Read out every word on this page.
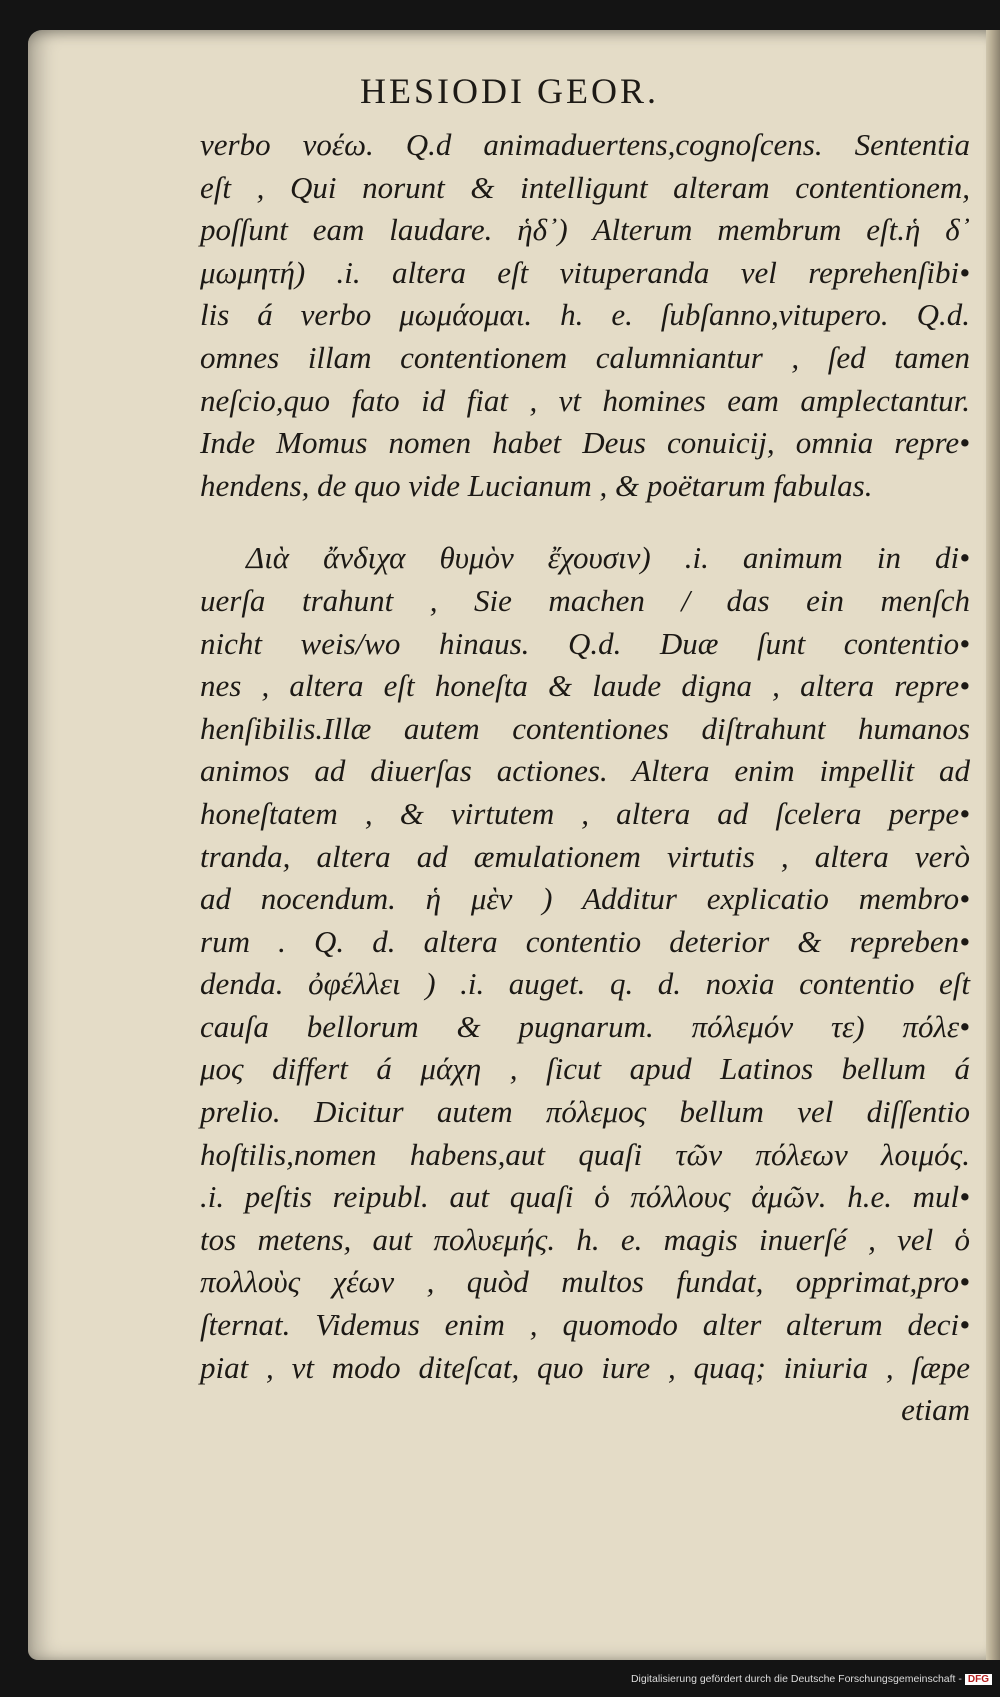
HESIODI GEOR.
verbo νοέω. Q.d animaduertens,cognoſcens. Sententia
eſt , Qui norunt & intelligunt alteram contentionem,
poſſunt eam laudare. ἡδ᾽) Alterum membrum eſt.ἡ δ᾽
μωμητή) .i. altera eſt vituperanda vel reprehenſibi•
lis á verbo μωμάομαι. h. e. ſubſanno,vitupero. Q.d.
omnes illam contentionem calumniantur , ſed tamen
neſcio,quo fato id fiat , vt homines eam amplectantur.
Inde Momus nomen habet Deus conuicij, omnia repre•
hendens, de quo vide Lucianum , & poëtarum fabulas.
Διὰ ἄνδιχα θυμὸν ἔχουσιν) .i. animum in di•
uerſa trahunt , Sie machen / das ein menſch
nicht weis/wo hinaus. Q.d. Duæ ſunt contentio•
nes , altera eſt honeſta & laude digna , altera repre•
henſibilis.Illæ autem contentiones diſtrahunt humanos
animos ad diuerſas actiones. Altera enim impellit ad
honeſtatem , & virtutem , altera ad ſcelera perpe•
tranda, altera ad æmulationem virtutis , altera verò
ad nocendum. ἡ μὲν ) Additur explicatio membro•
rum . Q. d. altera contentio deterior & repreben•
denda. ὀφέλλει ) .i. auget. q. d. noxia contentio eſt
cauſa bellorum & pugnarum. πόλεμόν τε) πόλε•
μος differt á μάχη , ſicut apud Latinos bellum á
prelio. Dicitur autem πόλεμος bellum vel diſſentio
hoſtilis,nomen habens,aut quaſi τῶν πόλεων λοιμός.
.i. peſtis reipubl. aut quaſi ὁ πόλλους ἀμῶν. h.e. mul•
tos metens, aut πολυεμής. h. e. magis inuerſé , vel ὁ
πολλοὺς χέων , quòd multos fundat, opprimat,pro•
ſternat. Videmus enim , quomodo alter alterum deci•
piat , vt modo diteſcat, quo iure , quaq; iniuria , ſæpe
etiam
Digitalisierung gefördert durch die Deutsche Forschungsgemeinschaft - DFG
